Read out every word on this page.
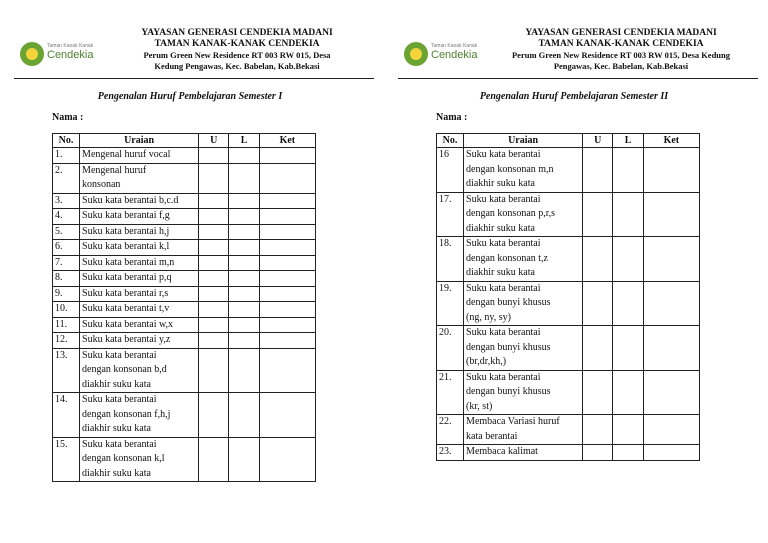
Taman Kanak Kanak
Cendekia
YAYASAN GENERASI CENDEKIA MADANI
TAMAN KANAK-KANAK CENDEKIA
Perum Green New Residence RT 003 RW 015, Desa
Kedung Pengawas, Kec. Babelan, Kab.Bekasi
Pengenalan Huruf Pembelajaran Semester I
Nama :
No.	Uraian	U	L	Ket
1.	Mengenal huruf vocal			

2.	Mengenal huruf
konsonan			

3.	Suku kata berantai b,c.d			

4.	Suku kata berantai f,g			

5.	Suku kata berantai h,j			

6.	Suku kata berantai k,l			

7.	Suku kata berantai m,n			

8.	Suku kata berantai p,q			

9.	Suku kata berantai r,s			

10.	Suku kata berantai t,v			

11.	Suku kata berantai w,x			

12.	Suku kata berantai y,z			

13.	Suku kata berantai
dengan konsonan b,d
diakhir suku kata			

14.	Suku kata berantai
dengan konsonan f,h,j
diakhir suku kata			

15.	Suku kata berantai
dengan konsonan k,l
diakhir suku kata			

Taman Kanak Kanak
Cendekia
YAYASAN GENERASI CENDEKIA MADANI
TAMAN KANAK-KANAK CENDEKIA
Perum Green New Residence RT 003 RW 015, Desa Kedung
Pengawas, Kec. Babelan, Kab.Bekasi
Pengenalan Huruf Pembelajaran Semester II
Nama :
No.	Uraian	U	L	Ket
16	Suku kata berantai
dengan konsonan m,n
diakhir suku kata			

17.	Suku kata berantai
dengan konsonan p,r,s
diakhir suku kata			

18.	Suku kata berantai
dengan konsonan t,z
diakhir suku kata			

19.	Suku kata berantai
dengan bunyi khusus
(ng, ny, sy)			

20.	Suku kata berantai
dengan bunyi khusus
(br,dr,kh,)			

21.	Suku kata berantai
dengan bunyi khusus
(kr, st)			

22.	Membaca Variasi huruf
kata berantai			

23.	Membaca kalimat			
